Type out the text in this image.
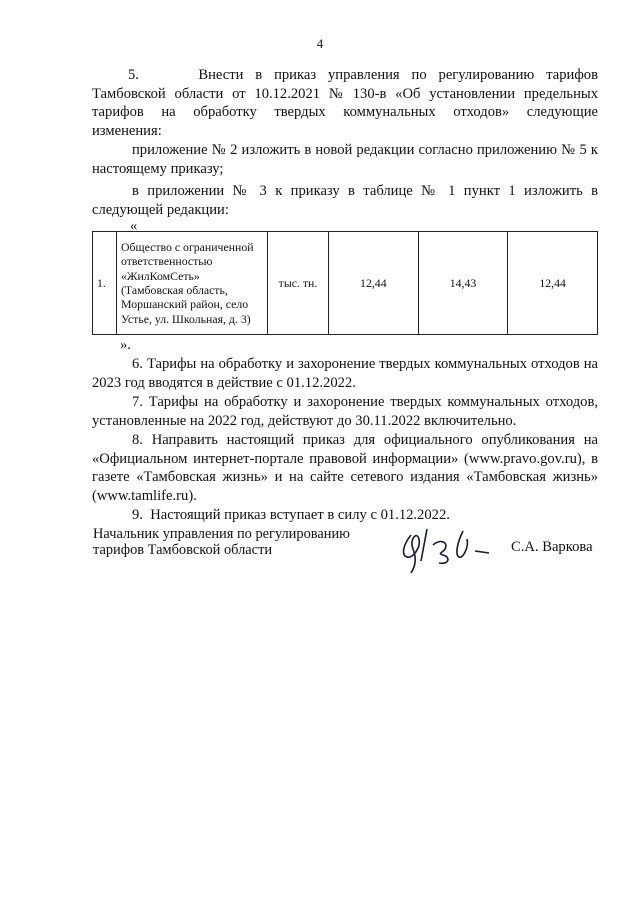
4

5.     Внести в приказ управления по регулированию тарифов Тамбовской области от 10.12.2021 № 130-в «Об установлении предельных тарифов на обработку твердых коммунальных отходов» следующие изменения:

приложение № 2 изложить в новой редакции согласно приложению № 5 к настоящему приказу;

в приложении № 3 к приказу в таблице № 1 пункт 1 изложить в следующей редакции:

«
1.	Общество с ограниченной ответственностью «ЖилКомСеть» (Тамбовская область, Моршанский район, село Устье, ул. Школьная, д. 3)	тыс. тн.	12,44	14,43	12,44
».

6. Тарифы на обработку и захоронение твердых коммунальных отходов на 2023 год вводятся в действие с 01.12.2022.

7. Тарифы на обработку и захоронение твердых коммунальных отходов, установленные на 2022 год, действуют до 30.11.2022 включительно.

8. Направить настоящий приказ для официального опубликования на «Официальном интернет-портале правовой информации» (www.pravo.gov.ru), в газете «Тамбовская жизнь» и на сайте сетевого издания «Тамбовская жизнь» (www.tamlife.ru).

9.  Настоящий приказ вступает в силу с 01.12.2022.

Начальник управления по регулированию
тарифов Тамбовской области	С.А. Варкова
